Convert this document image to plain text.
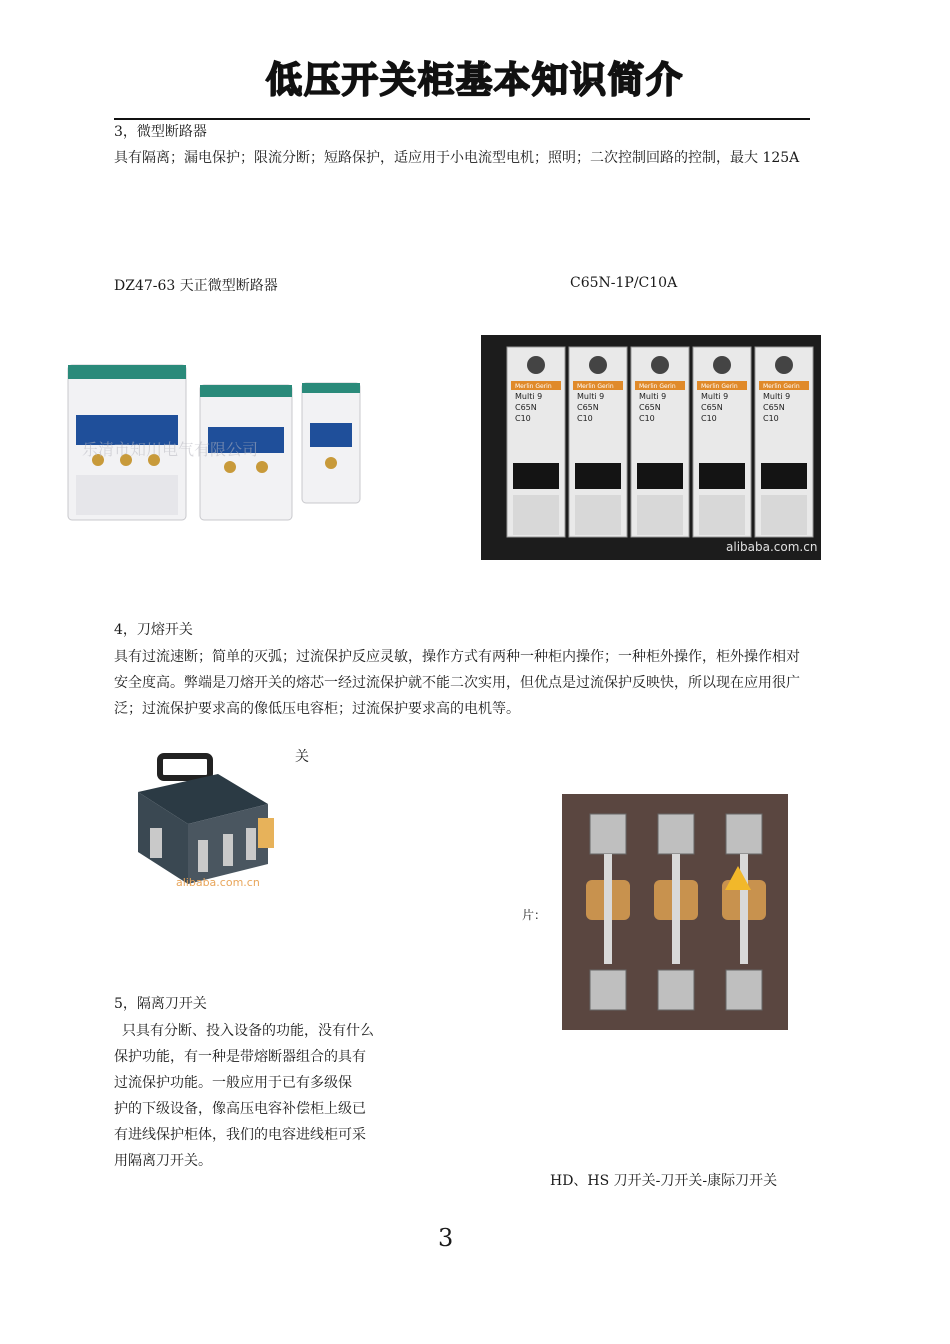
低压开关柜基本知识简介
3，微型断路器
具有隔离；漏电保护；限流分断；短路保护，适应用于小电流型电机；照明；二次控制回路的控制，最大 125A
DZ47-63 天正微型断路器	C65N-1P/C10A
乐清市知川电气有限公司
Merlin Gerin
Multi 9
C65N
C10
Merlin Gerin
Multi 9
C65N
C10
Merlin Gerin
Multi 9
C65N
C10
Merlin Gerin
Multi 9
C65N
C10
Merlin Gerin
Multi 9
C65N
C10
alibaba.com.cn
4，刀熔开关
具有过流速断；简单的灭弧；过流保护反应灵敏，操作方式有两种一种柜内操作；一种柜外操作，柜外操作相对安全度高。弊端是刀熔开关的熔芯一经过流保护就不能二次实用，但优点是过流保护反映快，所以现在应用很广泛；过流保护要求高的像低压电容柜；过流保护要求高的电机等。
关
alibaba.com.cn
片：
5，隔离刀开关
只具有分断、投入设备的功能，没有什么
保护功能，有一种是带熔断器组合的具有
过流保护功能。一般应用于已有多级保
护的下级设备，像高压电容补偿柜上级已
有进线保护柜体，我们的电容进线柜可采
用隔离刀开关。
HD、HS 刀开关-刀开关-康际刀开关
3
